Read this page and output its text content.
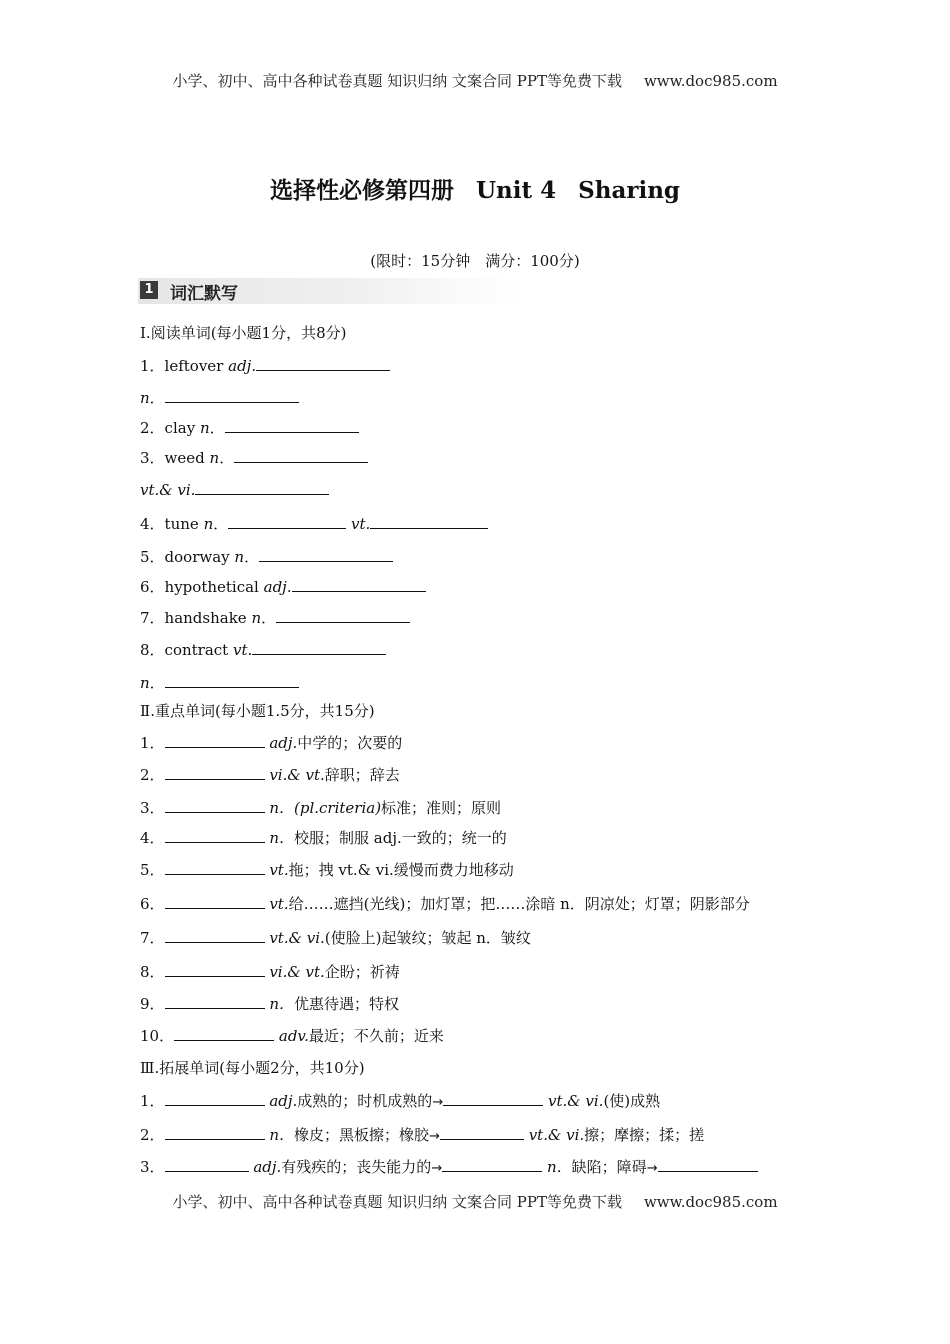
小学、初中、高中各种试卷真题 知识归纳 文案合同 PPT等免费下载 www.doc985.com
选择性必修第四册 Unit 4 Sharing
(限时：15分钟　满分：100分)
1 词汇默写
Ⅰ.阅读单词(每小题1分，共8分)
1．leftover adj.
n．
2．clay n．
3．weed n．
vt.& vi.
4．tune n．	vt.
5．doorway n．
6．hypothetical adj.
7．handshake n．
8．contract vt.
n．
Ⅱ.重点单词(每小题1.5分，共15分)
1．	adj.中学的；次要的
2．	vi.& vt.辞职；辞去
3．	n．(pl.criteria)标准；准则；原则
4．	n．校服；制服 adj.一致的；统一的
5．	vt.拖；拽 vt.& vi.缓慢而费力地移动
6．	vt.给……遮挡(光线)；加灯罩；把……涂暗 n．阴凉处；灯罩；阴影部分
7．	vt.& vi.(使脸上)起皱纹；皱起 n．皱纹
8．	vi.& vt.企盼；祈祷
9．	n．优惠待遇；特权
10．	adv.最近；不久前；近来
Ⅲ.拓展单词(每小题2分，共10分)
1．	adj.成熟的；时机成熟的→	vt.& vi.(使)成熟
2．	n．橡皮；黑板擦；橡胶→	vt.& vi.擦；摩擦；揉；搓
3．	adj.有残疾的；丧失能力的→	n．缺陷；障碍→
小学、初中、高中各种试卷真题 知识归纳 文案合同 PPT等免费下载 www.doc985.com
